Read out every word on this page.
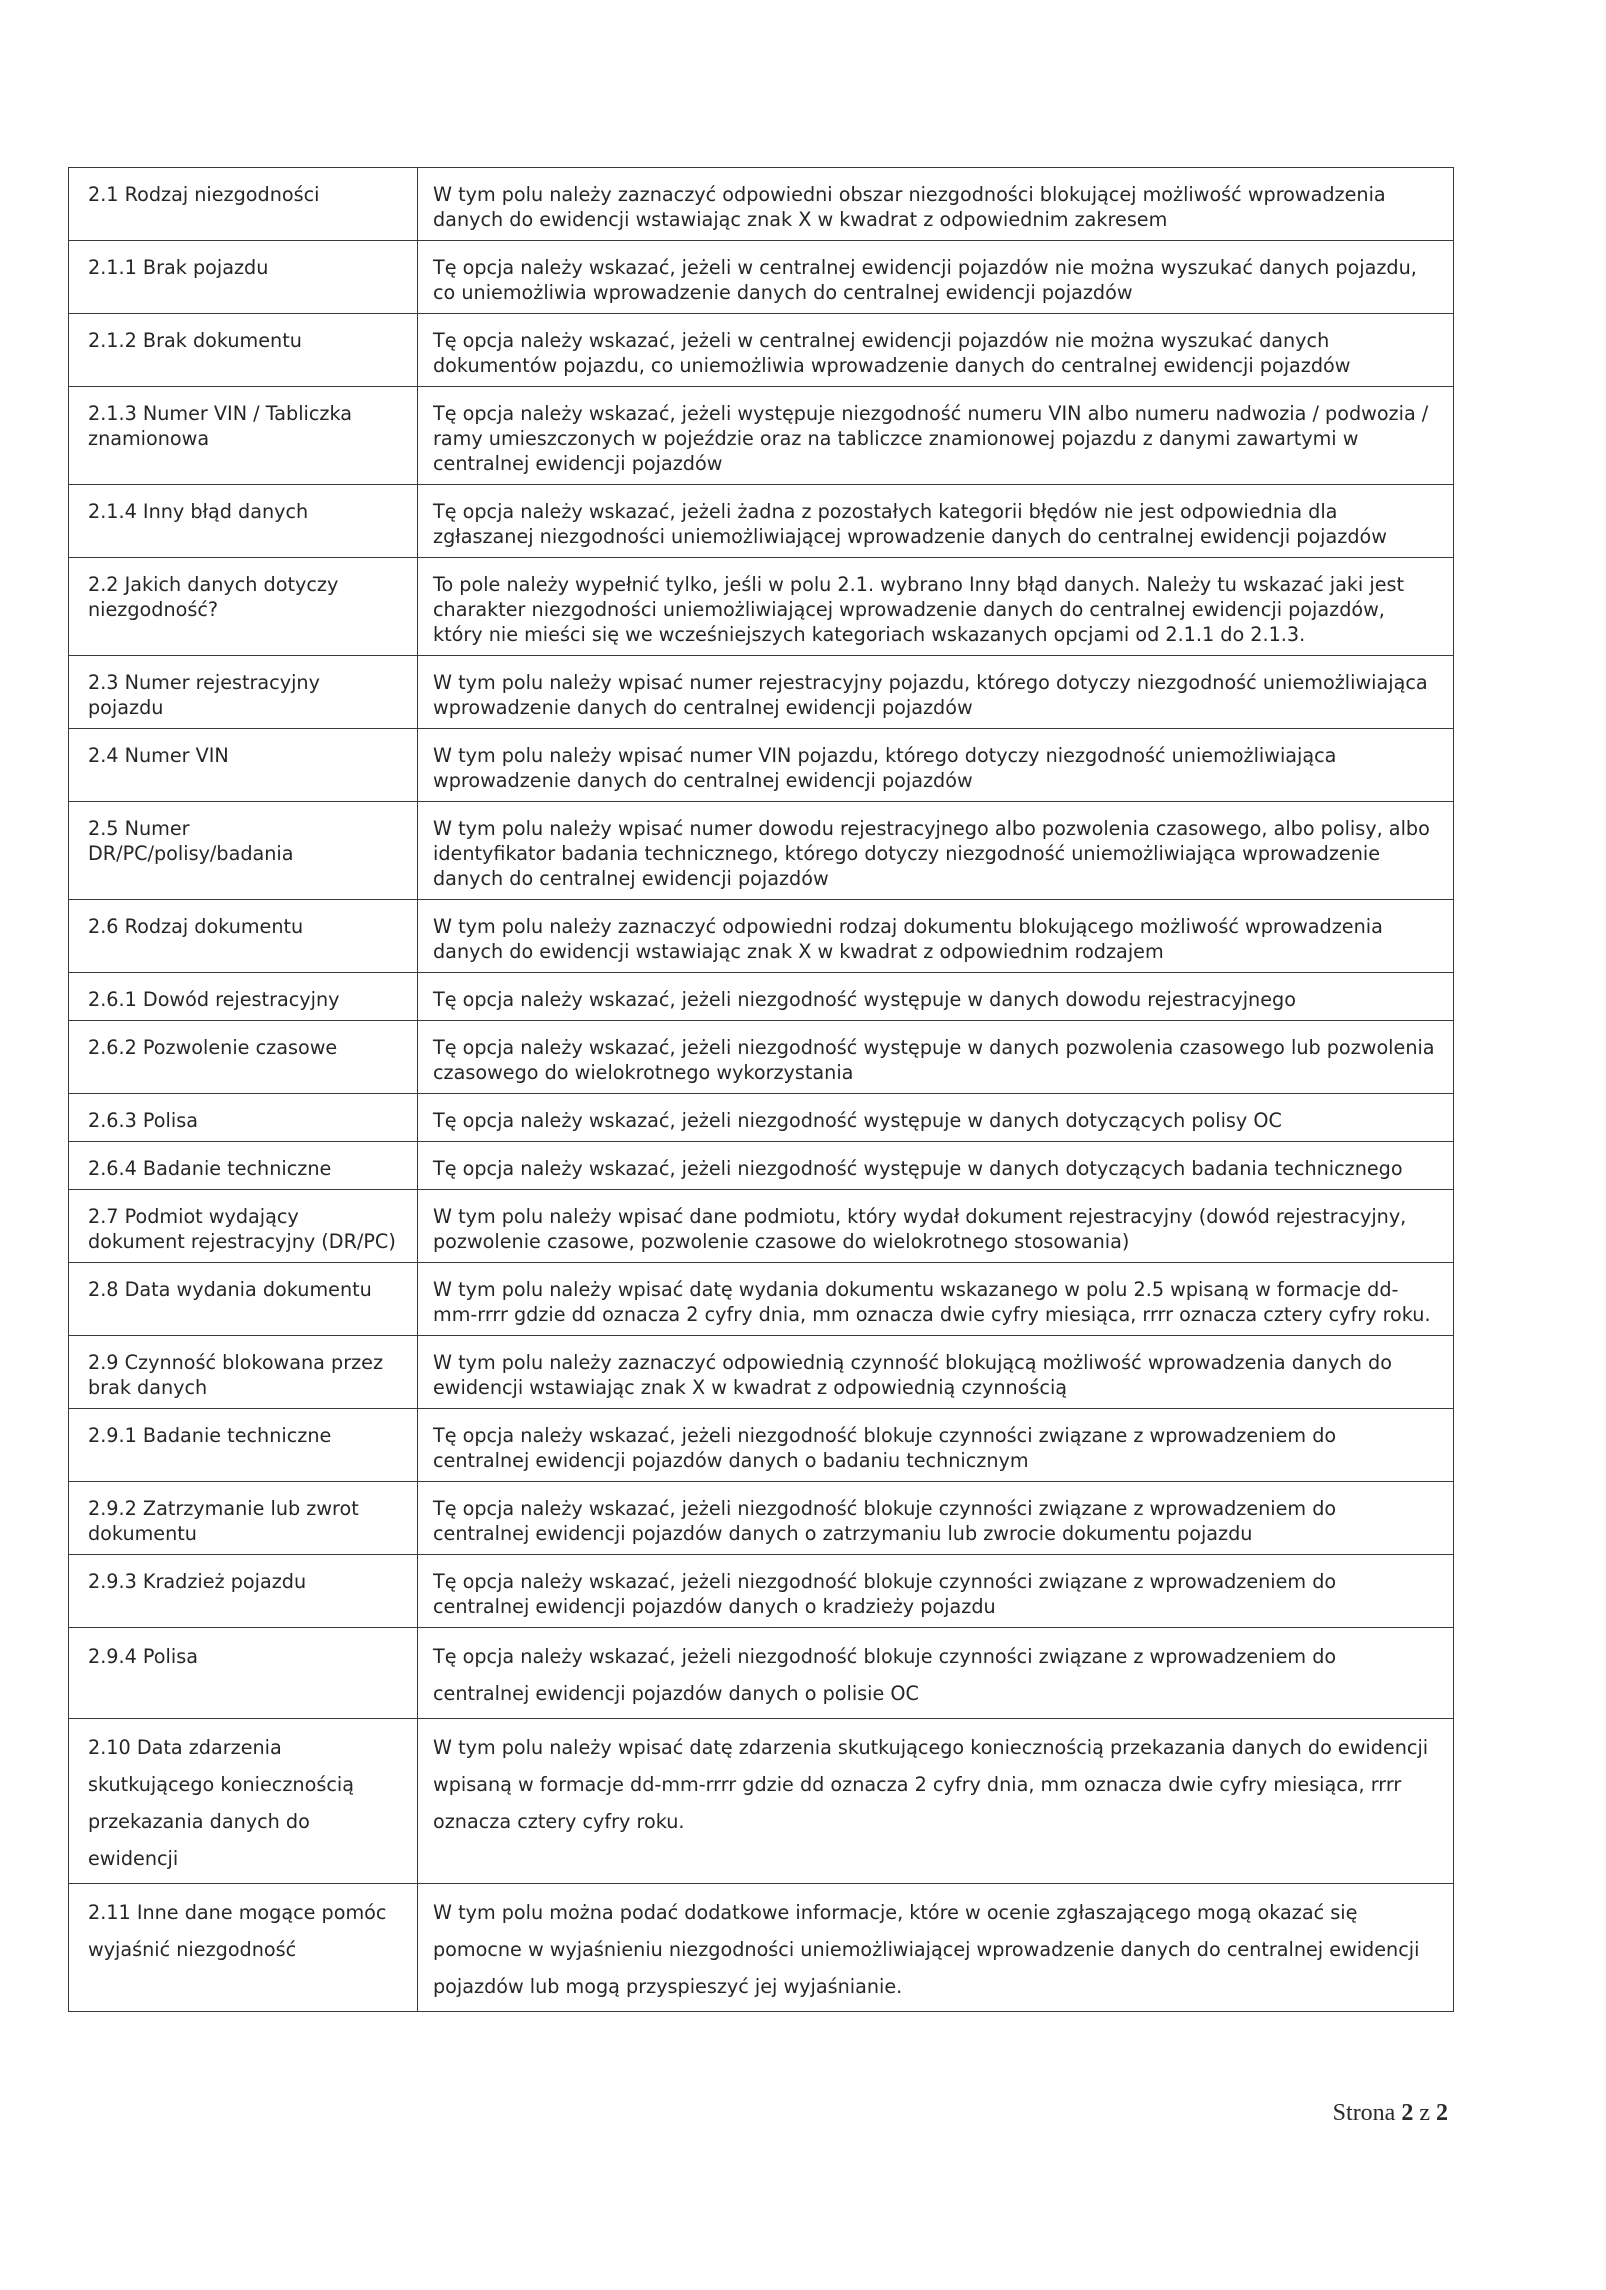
2.1 Rodzaj niezgodności	W tym polu należy zaznaczyć odpowiedni obszar niezgodności blokującej możliwość wprowadzenia danych do ewidencji wstawiając znak X w kwadrat z odpowiednim zakresem
2.1.1 Brak pojazdu	Tę opcja należy wskazać, jeżeli w centralnej ewidencji pojazdów nie można wyszukać danych pojazdu, co uniemożliwia wprowadzenie danych do centralnej ewidencji pojazdów
2.1.2 Brak dokumentu	Tę opcja należy wskazać, jeżeli w centralnej ewidencji pojazdów nie można wyszukać danych dokumentów pojazdu, co uniemożliwia wprowadzenie danych do centralnej ewidencji pojazdów
2.1.3 Numer VIN / Tabliczka znamionowa	Tę opcja należy wskazać, jeżeli występuje niezgodność numeru VIN albo numeru nadwozia / podwozia / ramy umieszczonych w pojeździe oraz na tabliczce znamionowej pojazdu z danymi zawartymi w centralnej ewidencji pojazdów
2.1.4 Inny błąd danych	Tę opcja należy wskazać, jeżeli żadna z pozostałych kategorii błędów nie jest odpowiednia dla zgłaszanej niezgodności uniemożliwiającej wprowadzenie danych do centralnej ewidencji pojazdów
2.2 Jakich danych dotyczy niezgodność?	To pole należy wypełnić tylko, jeśli w polu 2.1. wybrano Inny błąd danych. Należy tu wskazać jaki jest charakter niezgodności uniemożliwiającej wprowadzenie danych do centralnej ewidencji pojazdów, który nie mieści się we wcześniejszych kategoriach wskazanych opcjami od 2.1.1 do 2.1.3.
2.3 Numer rejestracyjny pojazdu	W tym polu należy wpisać numer rejestracyjny pojazdu, którego dotyczy niezgodność uniemożliwiająca wprowadzenie danych do centralnej ewidencji pojazdów
2.4 Numer VIN	W tym polu należy wpisać numer VIN pojazdu, którego dotyczy niezgodność uniemożliwiająca wprowadzenie danych do centralnej ewidencji pojazdów
2.5 Numer DR/PC/polisy/badania	W tym polu należy wpisać numer dowodu rejestracyjnego albo pozwolenia czasowego, albo polisy, albo identyfikator badania technicznego, którego dotyczy niezgodność uniemożliwiająca wprowadzenie danych do centralnej ewidencji pojazdów
2.6 Rodzaj dokumentu	W tym polu należy zaznaczyć odpowiedni rodzaj dokumentu blokującego możliwość wprowadzenia danych do ewidencji wstawiając znak X w kwadrat z odpowiednim rodzajem
2.6.1 Dowód rejestracyjny	Tę opcja należy wskazać, jeżeli niezgodność występuje w danych dowodu rejestracyjnego
2.6.2 Pozwolenie czasowe	Tę opcja należy wskazać, jeżeli niezgodność występuje w danych pozwolenia czasowego lub pozwolenia czasowego do wielokrotnego wykorzystania
2.6.3 Polisa	Tę opcja należy wskazać, jeżeli niezgodność występuje w danych dotyczących polisy OC
2.6.4 Badanie techniczne	Tę opcja należy wskazać, jeżeli niezgodność występuje w danych dotyczących badania technicznego
2.7 Podmiot wydający dokument rejestracyjny (DR/PC)	W tym polu należy wpisać dane podmiotu, który wydał dokument rejestracyjny (dowód rejestracyjny, pozwolenie czasowe, pozwolenie czasowe do wielokrotnego stosowania)
2.8 Data wydania dokumentu	W tym polu należy wpisać datę wydania dokumentu wskazanego w polu 2.5 wpisaną w formacje dd-mm-rrrr gdzie dd oznacza 2 cyfry dnia, mm oznacza dwie cyfry miesiąca, rrrr oznacza cztery cyfry roku.
2.9 Czynność blokowana przez brak danych	W tym polu należy zaznaczyć odpowiednią czynność blokującą możliwość wprowadzenia danych do ewidencji wstawiając znak X w kwadrat z odpowiednią czynnością
2.9.1 Badanie techniczne	Tę opcja należy wskazać, jeżeli niezgodność blokuje czynności związane z wprowadzeniem do centralnej ewidencji pojazdów danych o badaniu technicznym
2.9.2 Zatrzymanie lub zwrot dokumentu	Tę opcja należy wskazać, jeżeli niezgodność blokuje czynności związane z wprowadzeniem do centralnej ewidencji pojazdów danych o zatrzymaniu lub zwrocie dokumentu pojazdu
2.9.3 Kradzież pojazdu	Tę opcja należy wskazać, jeżeli niezgodność blokuje czynności związane z wprowadzeniem do centralnej ewidencji pojazdów danych o kradzieży pojazdu
2.9.4 Polisa	Tę opcja należy wskazać, jeżeli niezgodność blokuje czynności związane z wprowadzeniem do centralnej ewidencji pojazdów danych o polisie OC
2.10 Data zdarzenia skutkującego koniecznością przekazania danych do ewidencji	W tym polu należy wpisać datę zdarzenia skutkującego koniecznością przekazania danych do ewidencji wpisaną w formacje dd-mm-rrrr gdzie dd oznacza 2 cyfry dnia, mm oznacza dwie cyfry miesiąca, rrrr oznacza cztery cyfry roku.
2.11 Inne dane mogące pomóc wyjaśnić niezgodność	W tym polu można podać dodatkowe informacje, które w ocenie zgłaszającego mogą okazać się pomocne w wyjaśnieniu niezgodności uniemożliwiającej wprowadzenie danych do centralnej ewidencji pojazdów lub mogą przyspieszyć jej wyjaśnianie.
Strona 2 z 2
